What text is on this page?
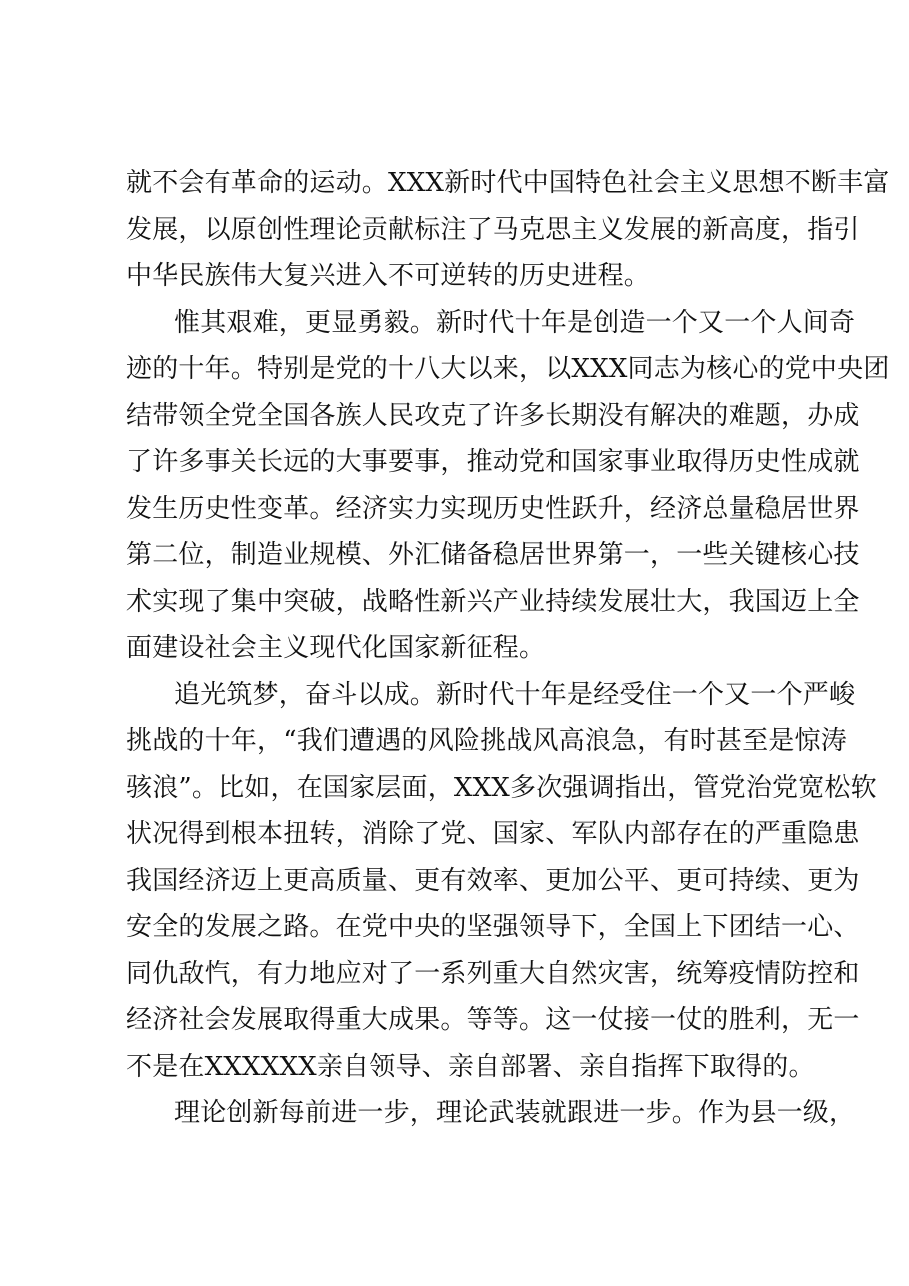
就不会有革命的运动。XXX新时代中国特色社会主义思想不断丰富
发展，以原创性理论贡献标注了马克思主义发展的新高度，指引
中华民族伟大复兴进入不可逆转的历史进程。
惟其艰难，更显勇毅。新时代十年是创造一个又一个人间奇
迹的十年。特别是党的十八大以来，以XXX同志为核心的党中央团
结带领全党全国各族人民攻克了许多长期没有解决的难题，办成
了许多事关长远的大事要事，推动党和国家事业取得历史性成就
发生历史性变革。经济实力实现历史性跃升，经济总量稳居世界
第二位，制造业规模、外汇储备稳居世界第一，一些关键核心技
术实现了集中突破，战略性新兴产业持续发展壮大，我国迈上全
面建设社会主义现代化国家新征程。
追光筑梦，奋斗以成。新时代十年是经受住一个又一个严峻
挑战的十年，“我们遭遇的风险挑战风高浪急，有时甚至是惊涛
骇浪”。比如，在国家层面，XXX多次强调指出，管党治党宽松软
状况得到根本扭转，消除了党、国家、军队内部存在的严重隐患
我国经济迈上更高质量、更有效率、更加公平、更可持续、更为
安全的发展之路。在党中央的坚强领导下，全国上下团结一心、
同仇敌忾，有力地应对了一系列重大自然灾害，统筹疫情防控和
经济社会发展取得重大成果。等等。这一仗接一仗的胜利，无一
不是在XXXXXX亲自领导、亲自部署、亲自指挥下取得的。
理论创新每前进一步，理论武装就跟进一步。作为县一级，
